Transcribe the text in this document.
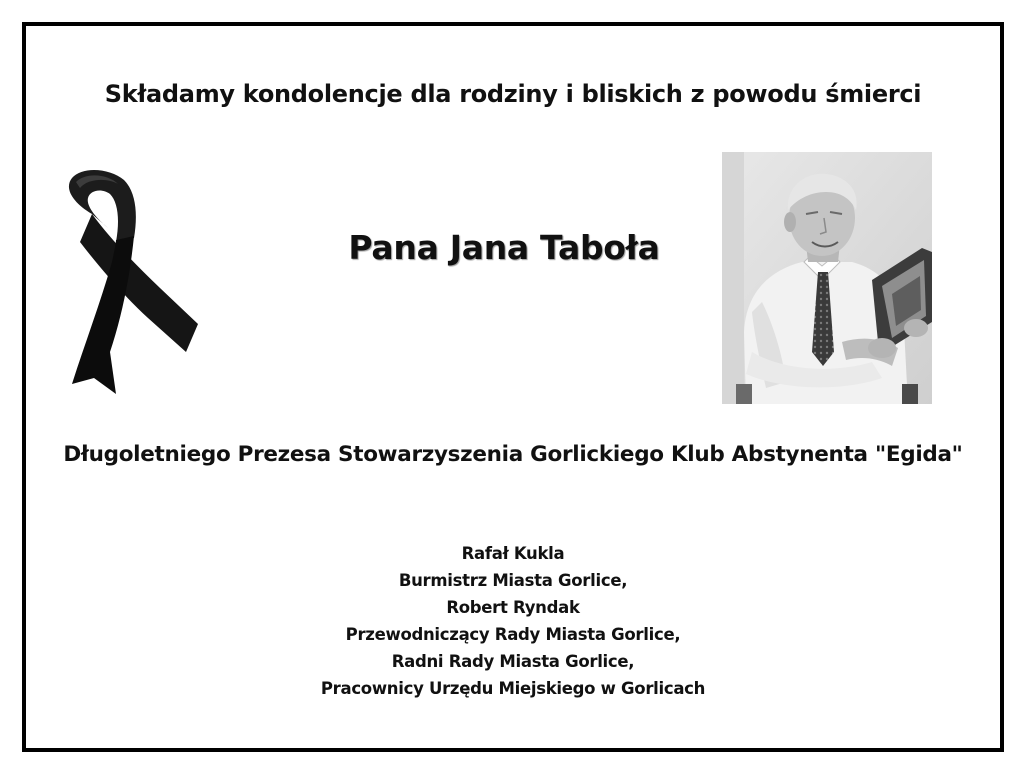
Składamy kondolencje dla rodziny i bliskich z powodu śmierci
Pana Jana Taboła
Długoletniego Prezesa Stowarzyszenia Gorlickiego Klub Abstynenta "Egida"
Rafał Kukla
Burmistrz Miasta Gorlice,
Robert Ryndak
Przewodniczący Rady Miasta Gorlice,
Radni Rady Miasta Gorlice,
Pracownicy Urzędu Miejskiego w Gorlicach
